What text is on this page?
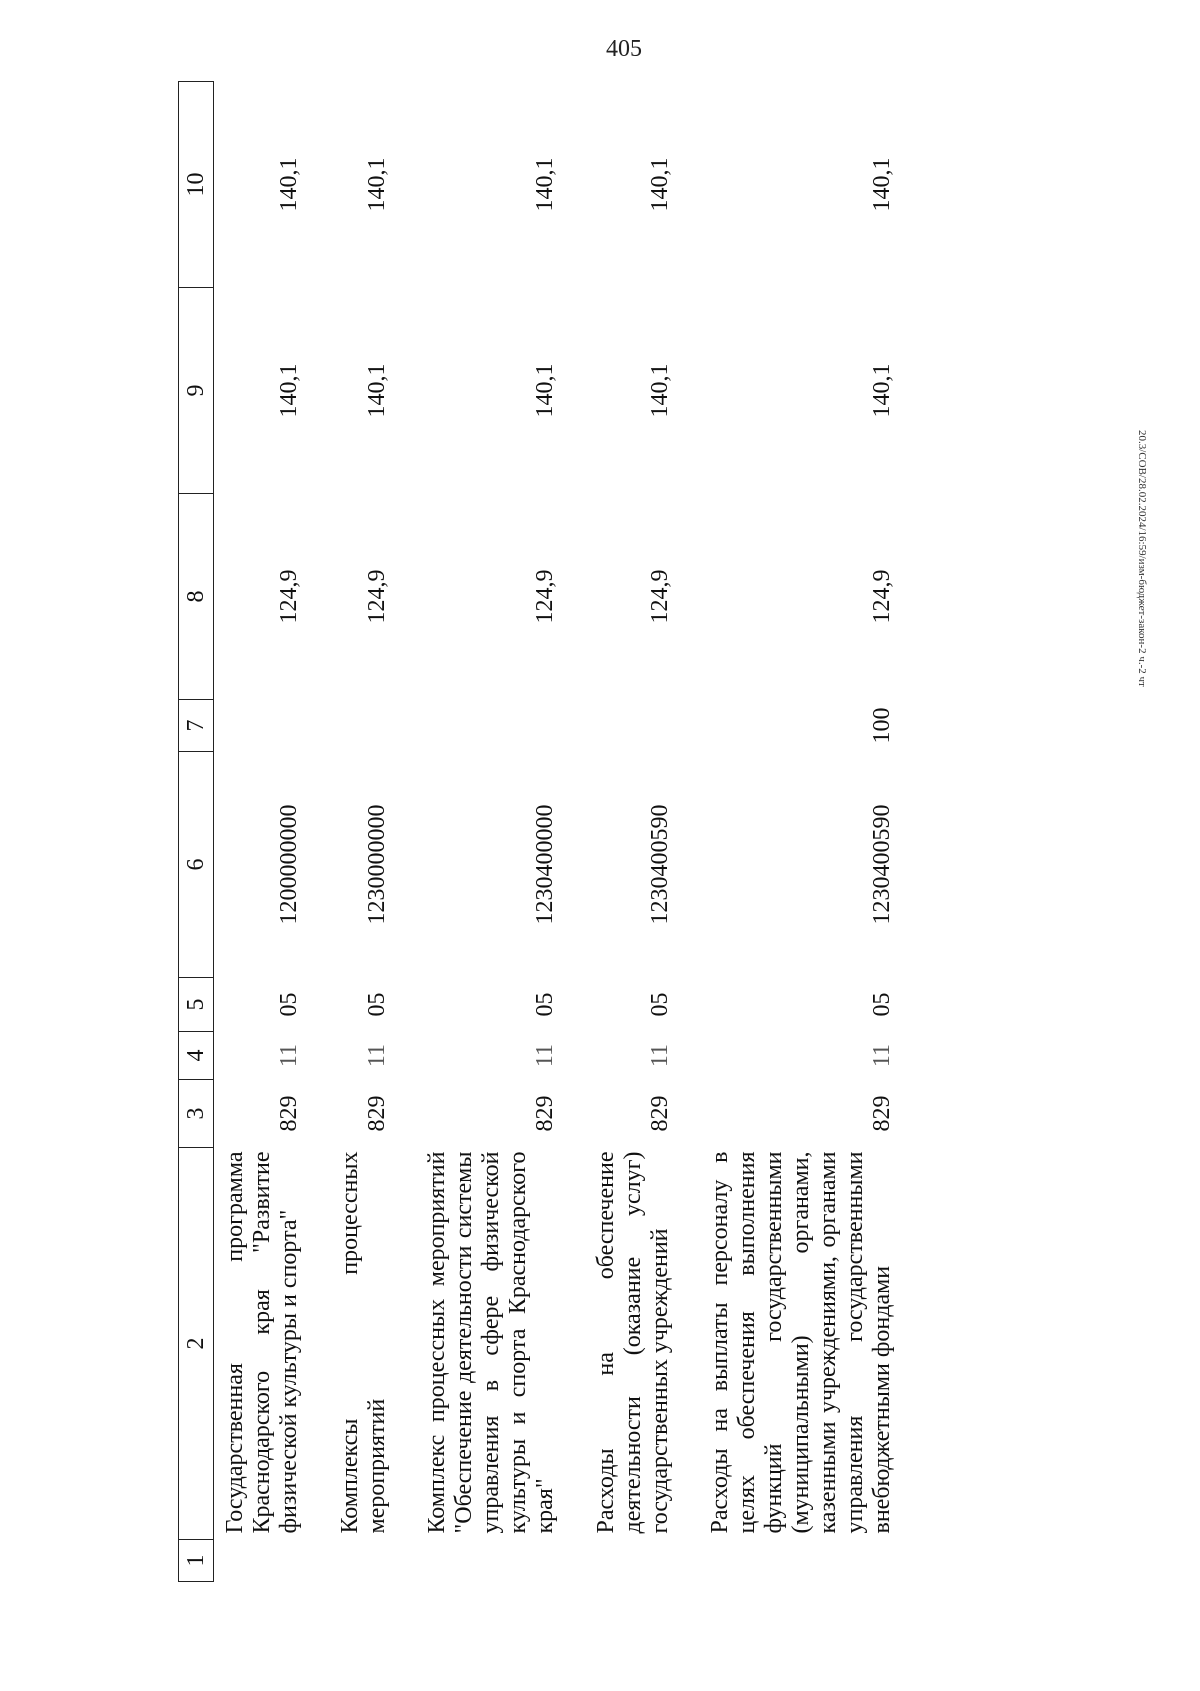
405
20.3/СОВ/28.02.2024/16:59/изм-бюджет-закон-2 ч.-2 чт
1	2	3	4	5	6	7	8	9	10
	Государственная программа Краснодарского края "Развитие физической культуры и спорта"	829	11	05	1200000000		124,9	140,1	140,1

	Комплексы процессных мероприятий	829	11	05	1230000000		124,9	140,1	140,1

	Комплекс процессных мероприятий "Обеспечение деятельности системы управления в сфере физической культуры и спорта Краснодарского края"	829	11	05	1230400000		124,9	140,1	140,1

	Расходы на обеспечение деятельности (оказание услуг) государственных учреждений	829	11	05	1230400590		124,9	140,1	140,1

	Расходы на выплаты персоналу в целях обеспечения выполнения функций государственными (муниципальными) органами, казенными учреждениями, органами управления государственными внебюджетными фондами	829	11	05	1230400590	100	124,9	140,1	140,1
